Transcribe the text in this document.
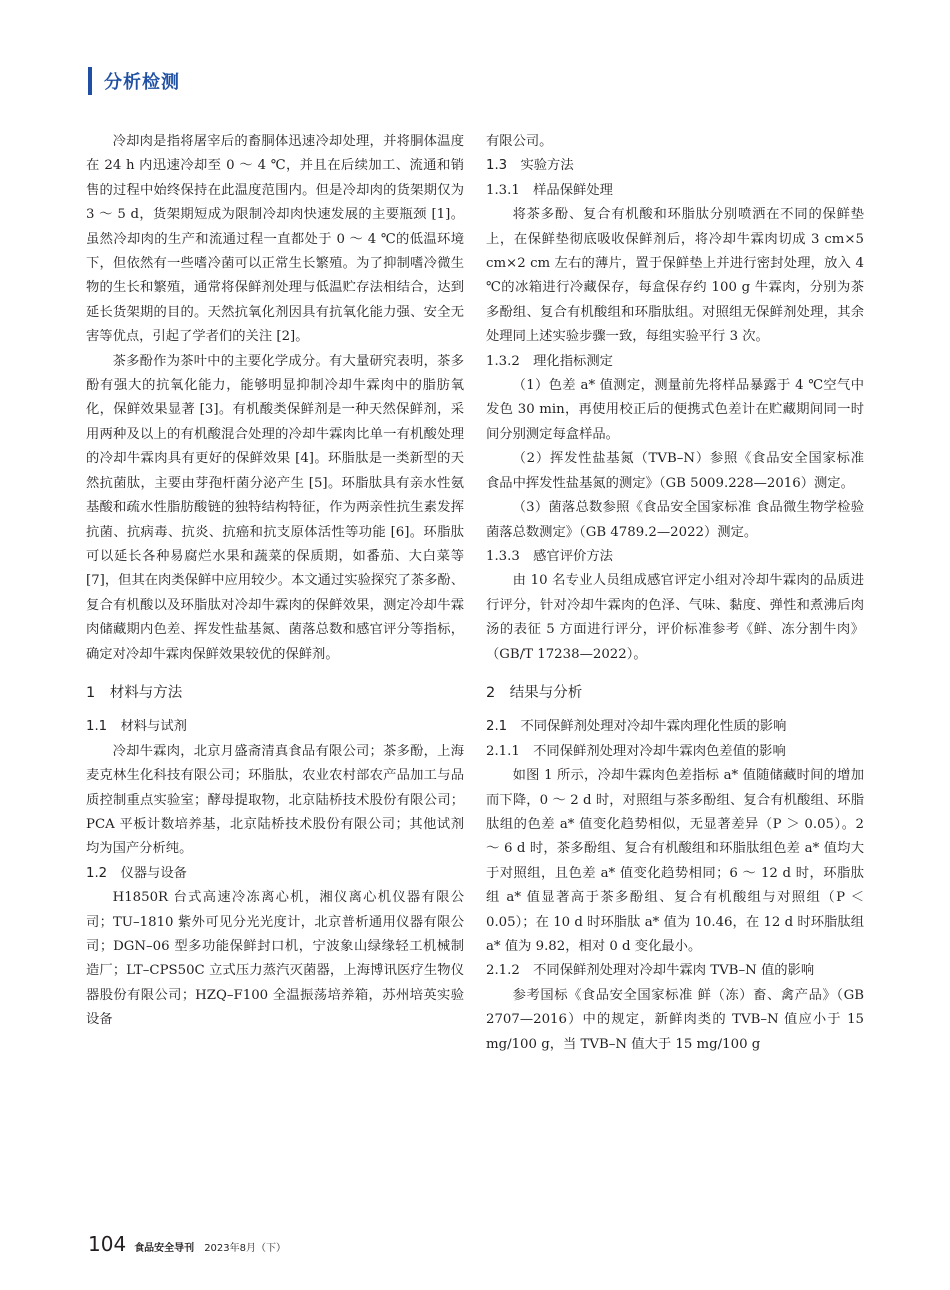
分析检测

冷却肉是指将屠宰后的畜胴体迅速冷却处理，并将胴体温度在 24 h 内迅速冷却至 0 ～ 4 ℃，并且在后续加工、流通和销售的过程中始终保持在此温度范围内。但是冷却肉的货架期仅为 3 ～ 5 d，货架期短成为限制冷却肉快速发展的主要瓶颈 [1]。虽然冷却肉的生产和流通过程一直都处于 0 ～ 4 ℃的低温环境下，但依然有一些嗜冷菌可以正常生长繁殖。为了抑制嗜冷微生物的生长和繁殖，通常将保鲜剂处理与低温贮存法相结合，达到延长货架期的目的。天然抗氧化剂因具有抗氧化能力强、安全无害等优点，引起了学者们的关注 [2]。

茶多酚作为茶叶中的主要化学成分。有大量研究表明，茶多酚有强大的抗氧化能力，能够明显抑制冷却牛霖肉中的脂肪氧化，保鲜效果显著 [3]。有机酸类保鲜剂是一种天然保鲜剂，采用两种及以上的有机酸混合处理的冷却牛霖肉比单一有机酸处理的冷却牛霖肉具有更好的保鲜效果 [4]。环脂肽是一类新型的天然抗菌肽，主要由芽孢杆菌分泌产生 [5]。环脂肽具有亲水性氨基酸和疏水性脂肪酸链的独特结构特征，作为两亲性抗生素发挥抗菌、抗病毒、抗炎、抗癌和抗支原体活性等功能 [6]。环脂肽可以延长各种易腐烂水果和蔬菜的保质期，如番茄、大白菜等 [7]，但其在肉类保鲜中应用较少。本文通过实验探究了茶多酚、复合有机酸以及环脂肽对冷却牛霖肉的保鲜效果，测定冷却牛霖肉储藏期内色差、挥发性盐基氮、菌落总数和感官评分等指标，确定对冷却牛霖肉保鲜效果较优的保鲜剂。

1　材料与方法
1.1　材料与试剂

冷却牛霖肉，北京月盛斋清真食品有限公司；茶多酚，上海麦克林生化科技有限公司；环脂肽，农业农村部农产品加工与品质控制重点实验室；酵母提取物，北京陆桥技术股份有限公司；PCA 平板计数培养基，北京陆桥技术股份有限公司；其他试剂均为国产分析纯。

1.2　仪器与设备

H1850R 台式高速冷冻离心机，湘仪离心机仪器有限公司；TU–1810 紫外可见分光光度计，北京普析通用仪器有限公司；DGN–06 型多功能保鲜封口机，宁波象山绿缘轻工机械制造厂；LT–CPS50C 立式压力蒸汽灭菌器，上海博讯医疗生物仪器股份有限公司；HZQ–F100 全温振荡培养箱，苏州培英实验设备

有限公司。

1.3　实验方法
1.3.1　样品保鲜处理

将茶多酚、复合有机酸和环脂肽分别喷洒在不同的保鲜垫上，在保鲜垫彻底吸收保鲜剂后，将冷却牛霖肉切成 3 cm×5 cm×2 cm 左右的薄片，置于保鲜垫上并进行密封处理，放入 4 ℃的冰箱进行冷藏保存，每盒保存约 100 g 牛霖肉，分别为茶多酚组、复合有机酸组和环脂肽组。对照组无保鲜剂处理，其余处理同上述实验步骤一致，每组实验平行 3 次。

1.3.2　理化指标测定

（1）色差 a* 值测定，测量前先将样品暴露于 4 ℃空气中发色 30 min，再使用校正后的便携式色差计在贮藏期间同一时间分别测定每盒样品。

（2）挥发性盐基氮（TVB–N）参照《食品安全国家标准 食品中挥发性盐基氮的测定》（GB 5009.228—2016）测定。

（3）菌落总数参照《食品安全国家标准 食品微生物学检验 菌落总数测定》（GB 4789.2—2022）测定。

1.3.3　感官评价方法

由 10 名专业人员组成感官评定小组对冷却牛霖肉的品质进行评分，针对冷却牛霖肉的色泽、气味、黏度、弹性和煮沸后肉汤的表征 5 方面进行评分，评价标准参考《鲜、冻分割牛肉》（GB/T 17238—2022）。

2　结果与分析
2.1　不同保鲜剂处理对冷却牛霖肉理化性质的影响
2.1.1　不同保鲜剂处理对冷却牛霖肉色差值的影响

如图 1 所示，冷却牛霖肉色差指标 a* 值随储藏时间的增加而下降，0 ～ 2 d 时，对照组与茶多酚组、复合有机酸组、环脂肽组的色差 a* 值变化趋势相似，无显著差异（P ＞ 0.05）。2 ～ 6 d 时，茶多酚组、复合有机酸组和环脂肽组色差 a* 值均大于对照组，且色差 a* 值变化趋势相同；6 ～ 12 d 时，环脂肽组 a* 值显著高于茶多酚组、复合有机酸组与对照组（P ＜ 0.05）；在 10 d 时环脂肽 a* 值为 10.46，在 12 d 时环脂肽组 a* 值为 9.82，相对 0 d 变化最小。

2.1.2　不同保鲜剂处理对冷却牛霖肉 TVB–N 值的影响

参考国标《食品安全国家标准 鲜（冻）畜、禽产品》（GB 2707—2016）中的规定，新鲜肉类的 TVB–N 值应小于 15 mg/100 g，当 TVB–N 值大于 15 mg/100 g

104 食品安全导刊 2023年8月（下）
